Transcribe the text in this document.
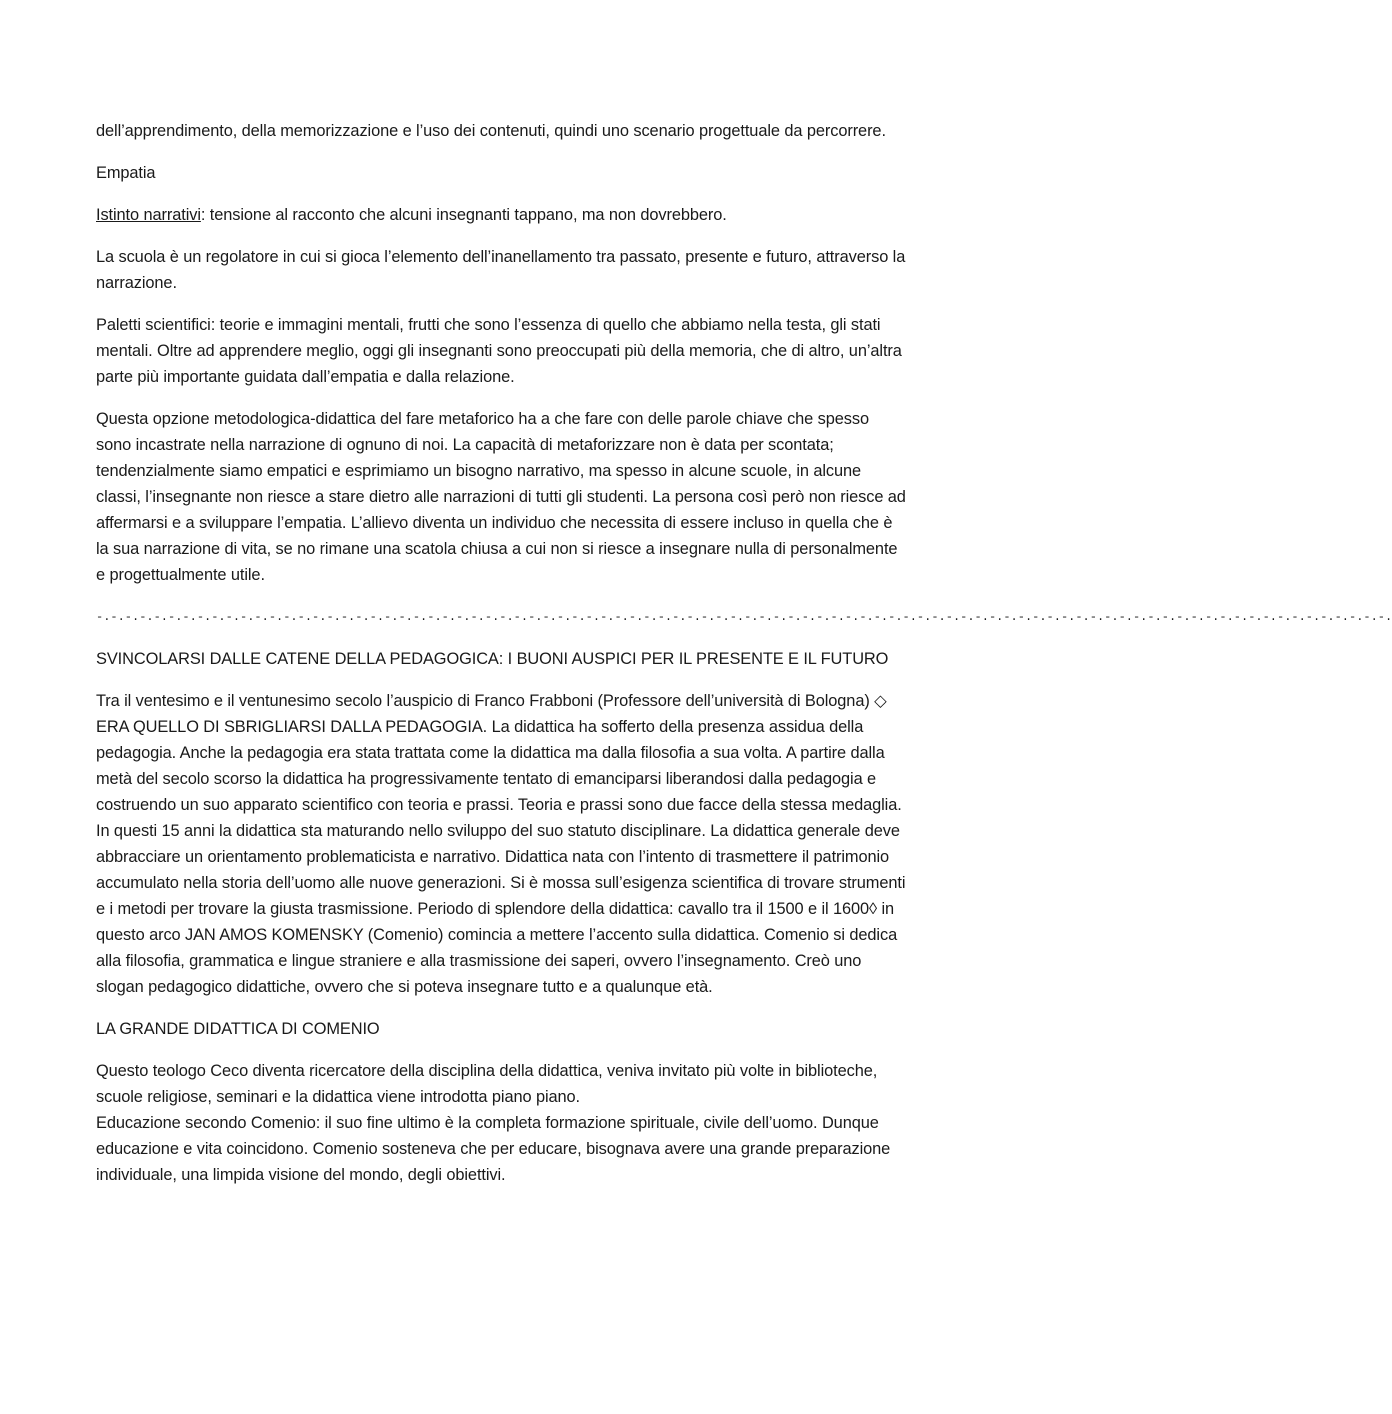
dell’apprendimento, della memorizzazione e l’uso dei contenuti, quindi uno scenario progettuale da percorrere.

Empatia

Istinto narrativi: tensione al racconto che alcuni insegnanti tappano, ma non dovrebbero.

La scuola è un regolatore in cui si gioca l’elemento dell’inanellamento tra passato, presente e futuro, attraverso la narrazione.

Paletti scientifici: teorie e immagini mentali, frutti che sono l’essenza di quello che abbiamo nella testa, gli stati mentali. Oltre ad apprendere meglio, oggi gli insegnanti sono preoccupati più della memoria, che di altro, un’altra parte più importante guidata dall’empatia e dalla relazione.

Questa opzione metodologica-didattica del fare metaforico ha a che fare con delle parole chiave che spesso sono incastrate nella narrazione di ognuno di noi. La capacità di metaforizzare non è data per scontata; tendenzialmente siamo empatici e esprimiamo un bisogno narrativo, ma spesso in alcune scuole, in alcune classi, l’insegnante non riesce a stare dietro alle narrazioni di tutti gli studenti. La persona così però non riesce ad affermarsi e a sviluppare l’empatia. L’allievo diventa un individuo che necessita di essere incluso in quella che è la sua narrazione di vita, se no rimane una scatola chiusa a cui non si riesce a insegnare nulla di personalmente e progettualmente utile.

-.-.-.-.-.-.-.-.-.-.-.-.-.-.-.-.-.-.-.-.-.-.-.-.-.-.-.-.-.-.-.-.-.-.-.-.-.-.-.-.-.-.-.-.-.-.-.-.-.-.-.-.-.-.-.-.-.-.-.-.-.-.-.-.-.-.-.-.-.-.-.-.-.-.-.-.-.-.-.-.-.-.-.-.-.-.-.-.-.-.

SVINCOLARSI DALLE CATENE DELLA PEDAGOGICA: I BUONI AUSPICI PER IL PRESENTE E IL FUTURO

Tra il ventesimo e il ventunesimo secolo l’auspicio di Franco Frabboni (Professore dell’università di Bologna) ◇ ERA QUELLO DI SBRIGLIARSI DALLA PEDAGOGIA. La didattica ha sofferto della presenza assidua della pedagogia. Anche la pedagogia era stata trattata come la didattica ma dalla filosofia a sua volta. A partire dalla metà del secolo scorso la didattica ha progressivamente tentato di emanciparsi liberandosi dalla pedagogia e costruendo un suo apparato scientifico con teoria e prassi. Teoria e prassi sono due facce della stessa medaglia. In questi 15 anni la didattica sta maturando nello sviluppo del suo statuto disciplinare. La didattica generale deve abbracciare un orientamento problematicista e narrativo. Didattica nata con l’intento di trasmettere il patrimonio accumulato nella storia dell’uomo alle nuove generazioni. Si è mossa sull’esigenza scientifica di trovare strumenti e i metodi per trovare la giusta trasmissione. Periodo di splendore della didattica: cavallo tra il 1500 e il 1600◊ in questo arco JAN AMOS KOMENSKY (Comenio) comincia a mettere l’accento sulla didattica. Comenio si dedica alla filosofia, grammatica e lingue straniere e alla trasmissione dei saperi, ovvero l’insegnamento. Creò uno slogan pedagogico didattiche, ovvero che si poteva insegnare tutto e a qualunque età.

LA GRANDE DIDATTICA DI COMENIO

Questo teologo Ceco diventa ricercatore della disciplina della didattica, veniva invitato più volte in biblioteche, scuole religiose, seminari e la didattica viene introdotta piano piano.
Educazione secondo Comenio: il suo fine ultimo è la completa formazione spirituale, civile dell’uomo. Dunque educazione e vita coincidono. Comenio sosteneva che per educare, bisognava avere una grande preparazione individuale, una limpida visione del mondo, degli obiettivi.
